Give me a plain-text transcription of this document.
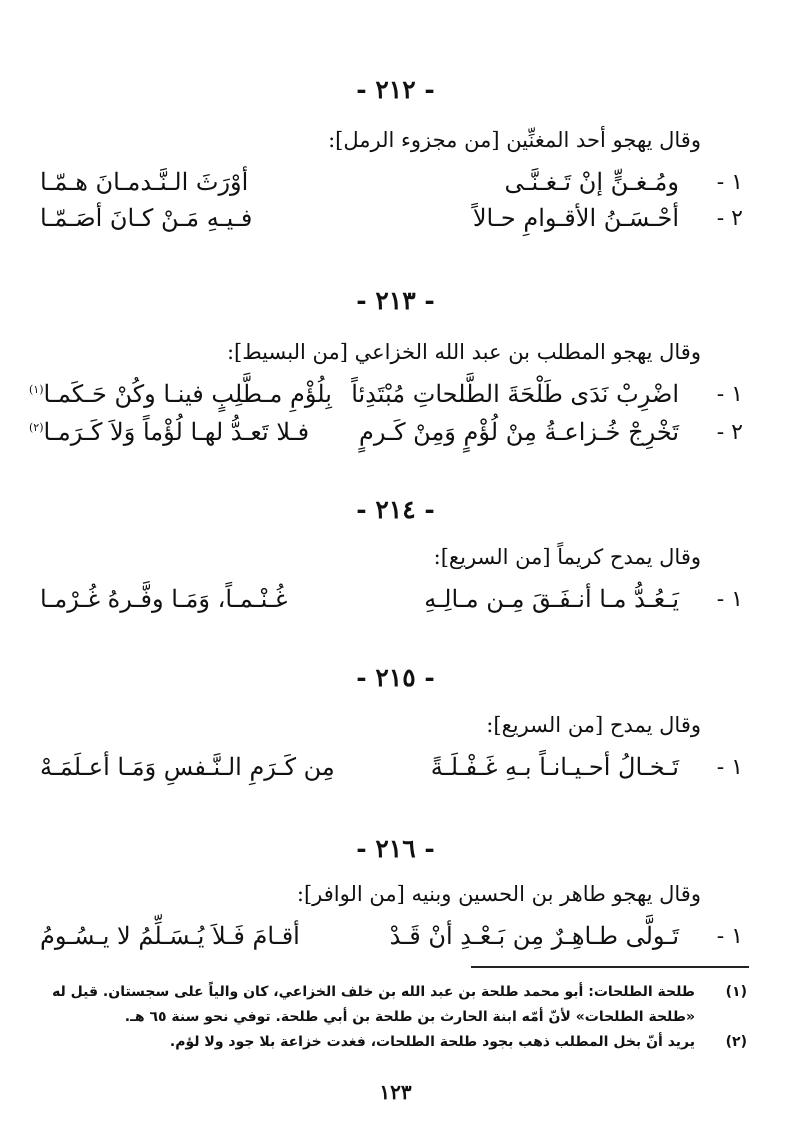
- ٢١٢ -
وقال يهجو أحد المغنِّين [من مجزوء الرمل]:
١ -
ومُـغـنٍّ إنْ تَـغـنَّـى
أوْرَثَ الـنَّـدمـانَ هـمّـا
٢ -
أحْـسَـنُ الأقـوامِ حـالاً
فـيـهِ مَـنْ كـانَ أصَـمّـا
- ٢١٣ -
وقال يهجو المطلب بن عبد الله الخزاعي [من البسيط]:
١ -
اضْرِبْ نَدَى طَلْحَةَ الطَّلحاتِ مُبْتَدِئاً
بِلُؤْمِ مـطَّلِبٍ فينـا وكُنْ حَـكَمـا$^{(١)}$
٢ -
تَخْرِجْ خُـزاعـةُ مِنْ لُؤْمٍ وَمِنْ كَـرمٍ
فـلا تَعـدُّ لهـا لُؤْماً وَلاَ كَـرَمـا$^{(٢)}$
- ٢١٤ -
وقال يمدح كريماً [من السريع]:
١ -
يَـعُـدُّ مـا أنـفَـقَ مِـن مـالِـهِ
غُـنْـمـاً، وَمَـا وفَّـرهُ غُـرْمـا
- ٢١٥ -
وقال يمدح [من السريع]:
١ -
تَـخـالُ أحـيـانـاً بـهِ غَـفْـلَـةً
مِن كَـرَمِ الـنَّـفسِ وَمَـا أعـلَمَـهْ
- ٢١٦ -
وقال يهجو طاهر بن الحسين وبنيه [من الوافر]:
١ -
تَـولَّى طـاهِـرٌ مِن بَـعْـدِ أنْ قَـدْ
أقـامَ فَـلاَ يُـسَـلِّمُ لا يـسُـومُ
(١)
طلحة الطلحات: أبو محمد طلحة بن عبد الله بن خلف الخزاعي، كان والياً على سجستان. قيل له «طلحة الطلحات» لأنّ أمّه ابنة الحارث بن طلحة بن أبي طلحة. توفي نحو سنة ٦٥ هـ.
(٢)
يريد أنّ بخل المطلب ذهب بجود طلحة الطلحات، فغدت خزاعة بلا جود ولا لؤم.
١٢٣
